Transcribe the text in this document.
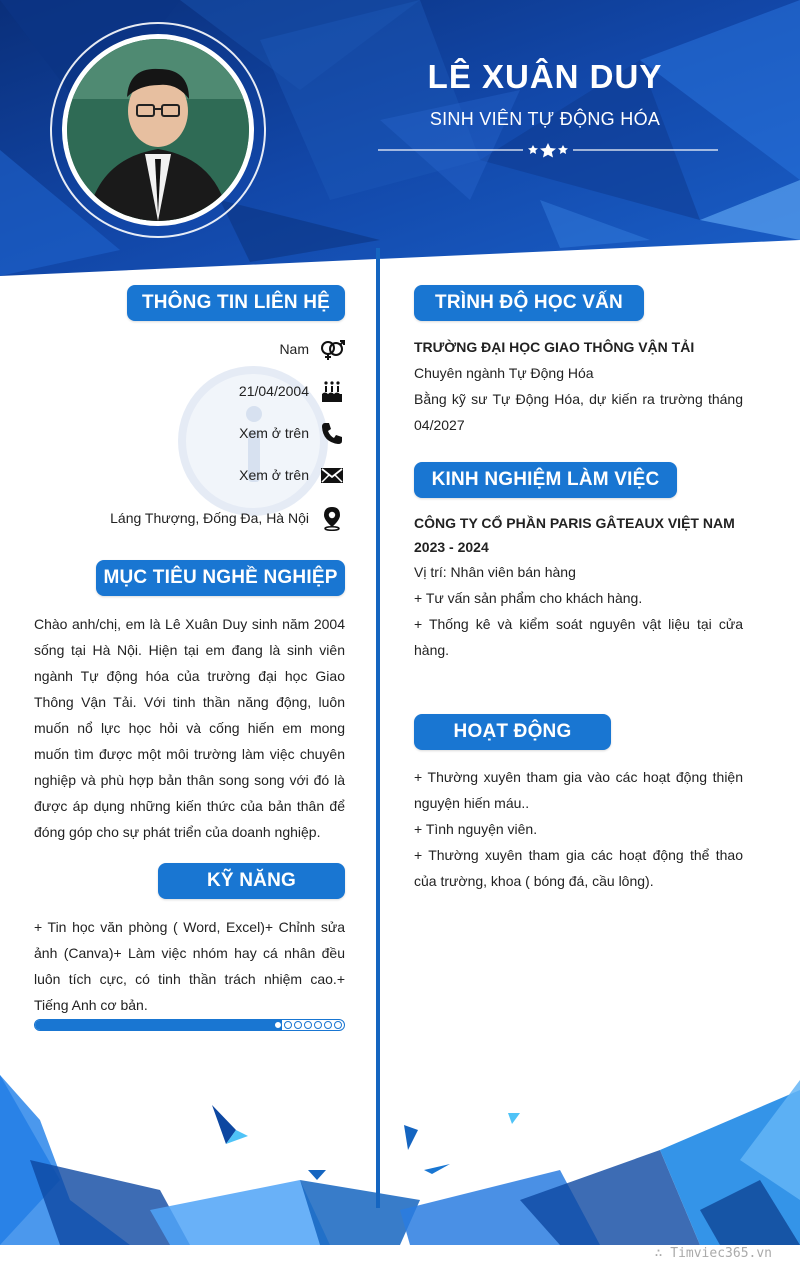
LÊ XUÂN DUY
SINH VIÊN TỰ ĐỘNG HÓA
THÔNG TIN LIÊN HỆ
Nam
21/04/2004
Xem ở trên
Xem ở trên
Láng Thượng, Đống Đa, Hà Nội
MỤC TIÊU NGHỀ NGHIỆP

Chào anh/chị, em là Lê Xuân Duy sinh năm 2004 sống tại Hà Nội. Hiện tại em đang là sinh viên ngành Tự động hóa của trường đại học Giao Thông Vận Tải. Với tinh thần năng động, luôn muốn nổ lực học hỏi và cống hiến em mong muốn tìm được một môi trường làm việc chuyên nghiệp và phù hợp bản thân song song với đó là được áp dụng những kiến thức của bản thân để đóng góp cho sự phát triển của doanh nghiệp.

KỸ NĂNG

+ Tin học văn phòng ( Word, Excel)+ Chỉnh sửa ảnh (Canva)+ Làm việc nhóm hay cá nhân đều luôn tích cực, có tinh thần trách nhiệm cao.+ Tiếng Anh cơ bản.

TRÌNH ĐỘ HỌC VẤN

TRƯỜNG ĐẠI HỌC GIAO THÔNG VẬN TẢI

Chuyên ngành Tự Động Hóa

Bằng kỹ sư Tự Động Hóa, dự kiến ra trường tháng 04/2027

KINH NGHIỆM LÀM VIỆC

CÔNG TY CỔ PHẦN PARIS GÂTEAUX VIỆT NAM

2023 - 2024

Vị trí: Nhân viên bán hàng

+ Tư vấn sản phẩm cho khách hàng.

+ Thống kê và kiểm soát nguyên vật liệu tại cửa hàng.

HOẠT ĐỘNG

+ Thường xuyên tham gia vào các hoạt động thiện nguyện hiến máu..

+ Tình nguyện viên.

+ Thường xuyên tham gia các hoạt động thể thao của trường, khoa ( bóng đá, cầu lông).

∴ Timviec365.vn
